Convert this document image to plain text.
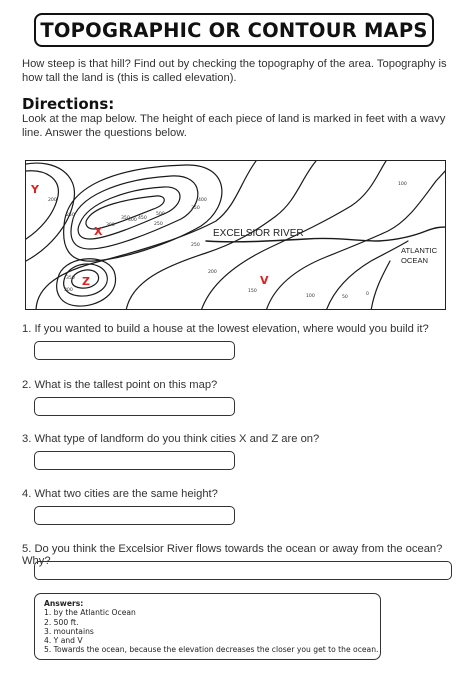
TOPOGRAPHIC OR CONTOUR MAPS
How steep is that hill? Find out by checking the topography of the area. Topography is how tall the land is (this is called elevation).
Directions:
Look at the map below. The height of each piece of land is marked in feet with a wavy line. Answer the questions below.
200
250
300
350
400 450
500
350
400
250
200
350
300
250
150
100	50
0
100
EXCELSIOR RIVER
ATLANTIC
OCEAN
Y
X
Z	V
1. If you wanted to build a house at the lowest elevation, where would you build it?
2. What is the tallest point on this map?
3. What type of landform do you think cities X and Z are on?
4. What two cities are the same height?
5. Do you think the Excelsior River flows towards the ocean or away from the ocean? Why?
Answers:
1. by the Atlantic Ocean
2. 500 ft.
3. mountains
4. Y and V
5. Towards the ocean, because the elevation decreases the closer you get to the ocean.
